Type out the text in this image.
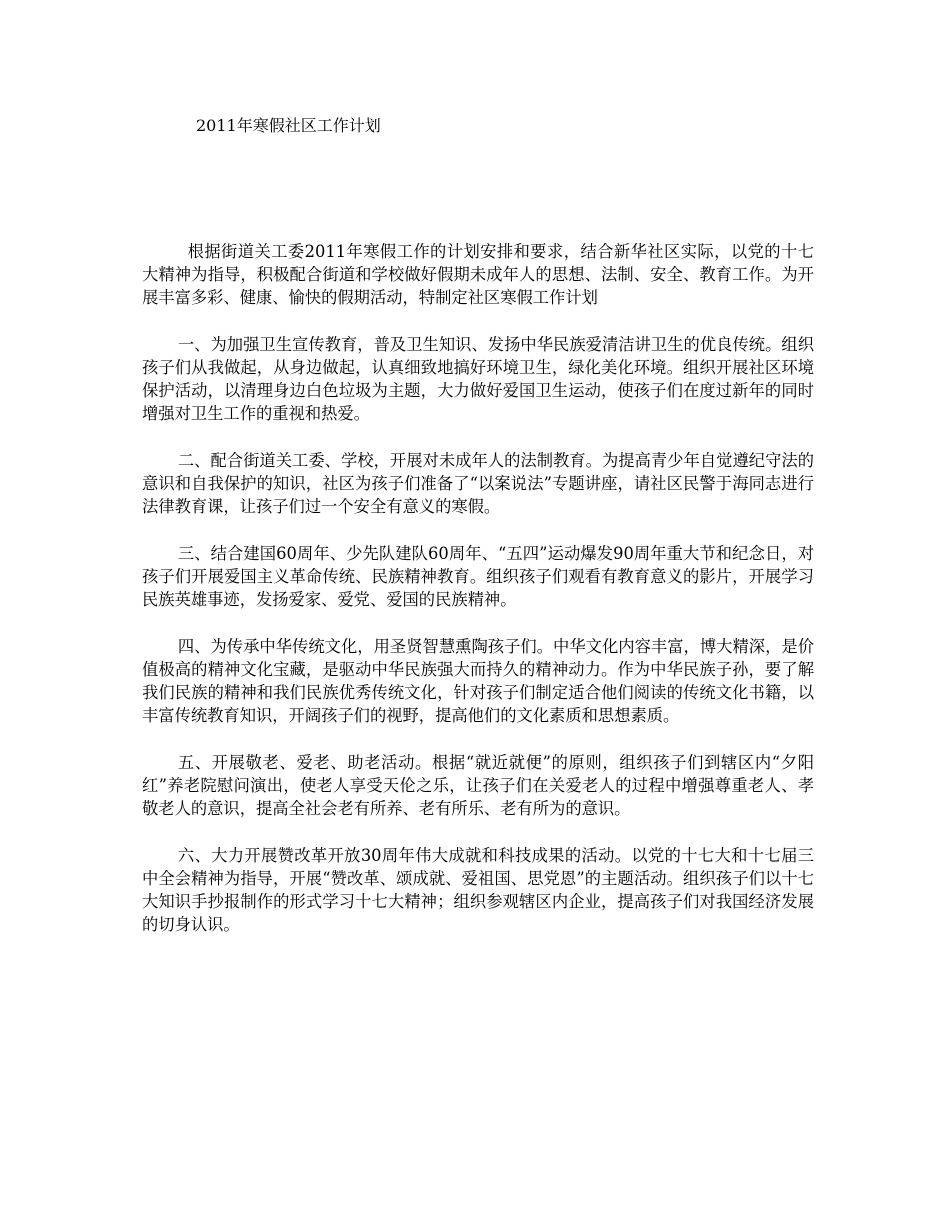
2011年寒假社区工作计划

根据街道关工委2011年寒假工作的计划安排和要求，结合新华社区实际，以党的十七大精神为指导，积极配合街道和学校做好假期未成年人的思想、法制、安全、教育工作。为开展丰富多彩、健康、愉快的假期活动，特制定社区寒假工作计划

一、为加强卫生宣传教育，普及卫生知识、发扬中华民族爱清洁讲卫生的优良传统。组织孩子们从我做起，从身边做起，认真细致地搞好环境卫生，绿化美化环境。组织开展社区环境保护活动，以清理身边白色垃圾为主题，大力做好爱国卫生运动，使孩子们在度过新年的同时增强对卫生工作的重视和热爱。

二、配合街道关工委、学校，开展对未成年人的法制教育。为提高青少年自觉遵纪守法的意识和自我保护的知识，社区为孩子们准备了“以案说法”专题讲座，请社区民警于海同志进行法律教育课，让孩子们过一个安全有意义的寒假。

三、结合建国60周年、少先队建队60周年、“五四”运动爆发90周年重大节和纪念日，对孩子们开展爱国主义革命传统、民族精神教育。组织孩子们观看有教育意义的影片，开展学习民族英雄事迹，发扬爱家、爱党、爱国的民族精神。

四、为传承中华传统文化，用圣贤智慧熏陶孩子们。中华文化内容丰富，博大精深，是价值极高的精神文化宝藏，是驱动中华民族强大而持久的精神动力。作为中华民族子孙，要了解我们民族的精神和我们民族优秀传统文化，针对孩子们制定适合他们阅读的传统文化书籍，以丰富传统教育知识，开阔孩子们的视野，提高他们的文化素质和思想素质。

五、开展敬老、爱老、助老活动。根据“就近就便”的原则，组织孩子们到辖区内“夕阳红”养老院慰问演出，使老人享受天伦之乐，让孩子们在关爱老人的过程中增强尊重老人、孝敬老人的意识，提高全社会老有所养、老有所乐、老有所为的意识。

六、大力开展赞改革开放30周年伟大成就和科技成果的活动。以党的十七大和十七届三中全会精神为指导，开展“赞改革、颂成就、爱祖国、思党恩”的主题活动。组织孩子们以十七大知识手抄报制作的形式学习十七大精神；组织参观辖区内企业，提高孩子们对我国经济发展的切身认识。
